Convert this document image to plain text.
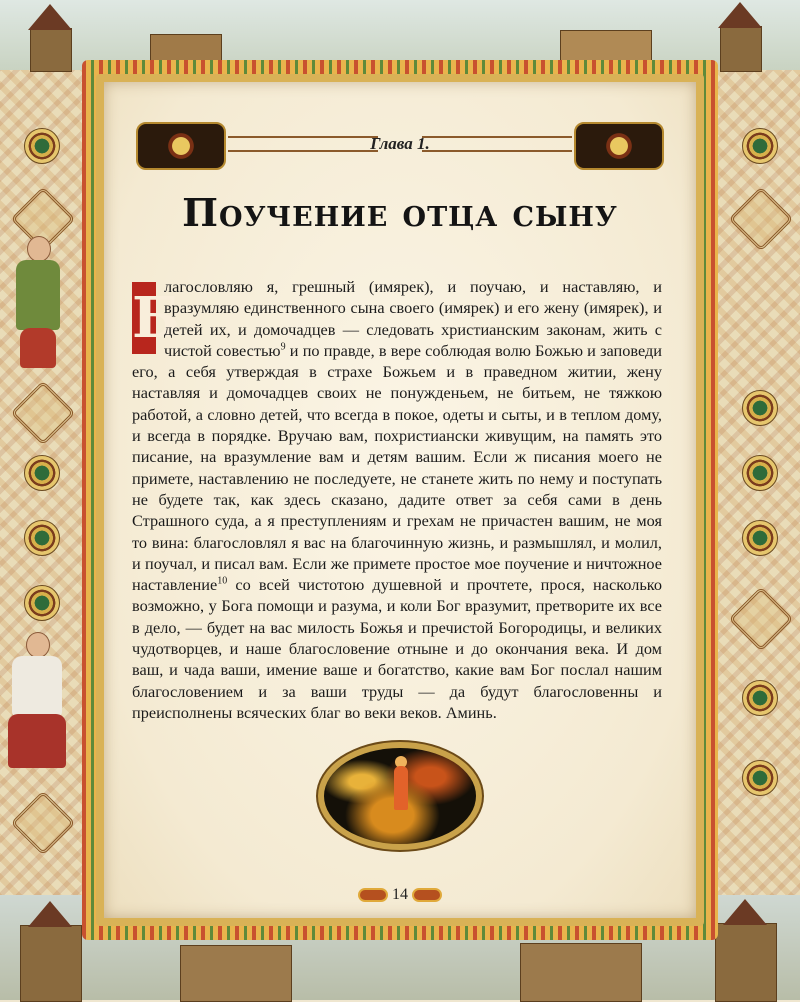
Глава 1.
Поучение отца сыну
Б
лагословляю я, грешный (имярек), и поучаю, и наставляю, и вразумляю единственного сына своего (имярек) и его жену (имярек), и детей их, и домочадцев — следовать христианским законам, жить с чистой совестью$^9$ и по правде, в вере соблюдая волю Божью и заповеди его, а себя утверждая в страхе Божьем и в праведном житии, жену наставляя и домочадцев своих не понужденьем, не битьем, не тяжкою работой, а словно детей, что всегда в покое, одеты и сыты, и в теплом дому, и всегда в порядке. Вручаю вам, похристиански живущим, на память это писание, на вразумление вам и детям вашим. Если ж писания моего не примете, наставлению не последуете, не станете жить по нему и поступать не будете так, как здесь сказано, дадите ответ за себя сами в день Страшного суда, а я преступлениям и грехам не причастен вашим, не моя то вина: благословлял я вас на благочинную жизнь, и размышлял, и молил, и поучал, и писал вам. Если же примете простое мое поучение и ничтожное наставление$^{10}$ со всей чистотою душевной и прочтете, прося, насколько возможно, у Бога помощи и разума, и коли Бог вразумит, претворите их все в дело, — будет на вас милость Божья и пречистой Богородицы, и великих чудотворцев, и наше благословение отныне и до окончания века. И дом ваш, и чада ваши, имение ваше и богатство, какие вам Бог послал нашим благословением и за ваши труды — да будут благословенны и преисполнены всяческих благ во веки веков. Аминь.
14
